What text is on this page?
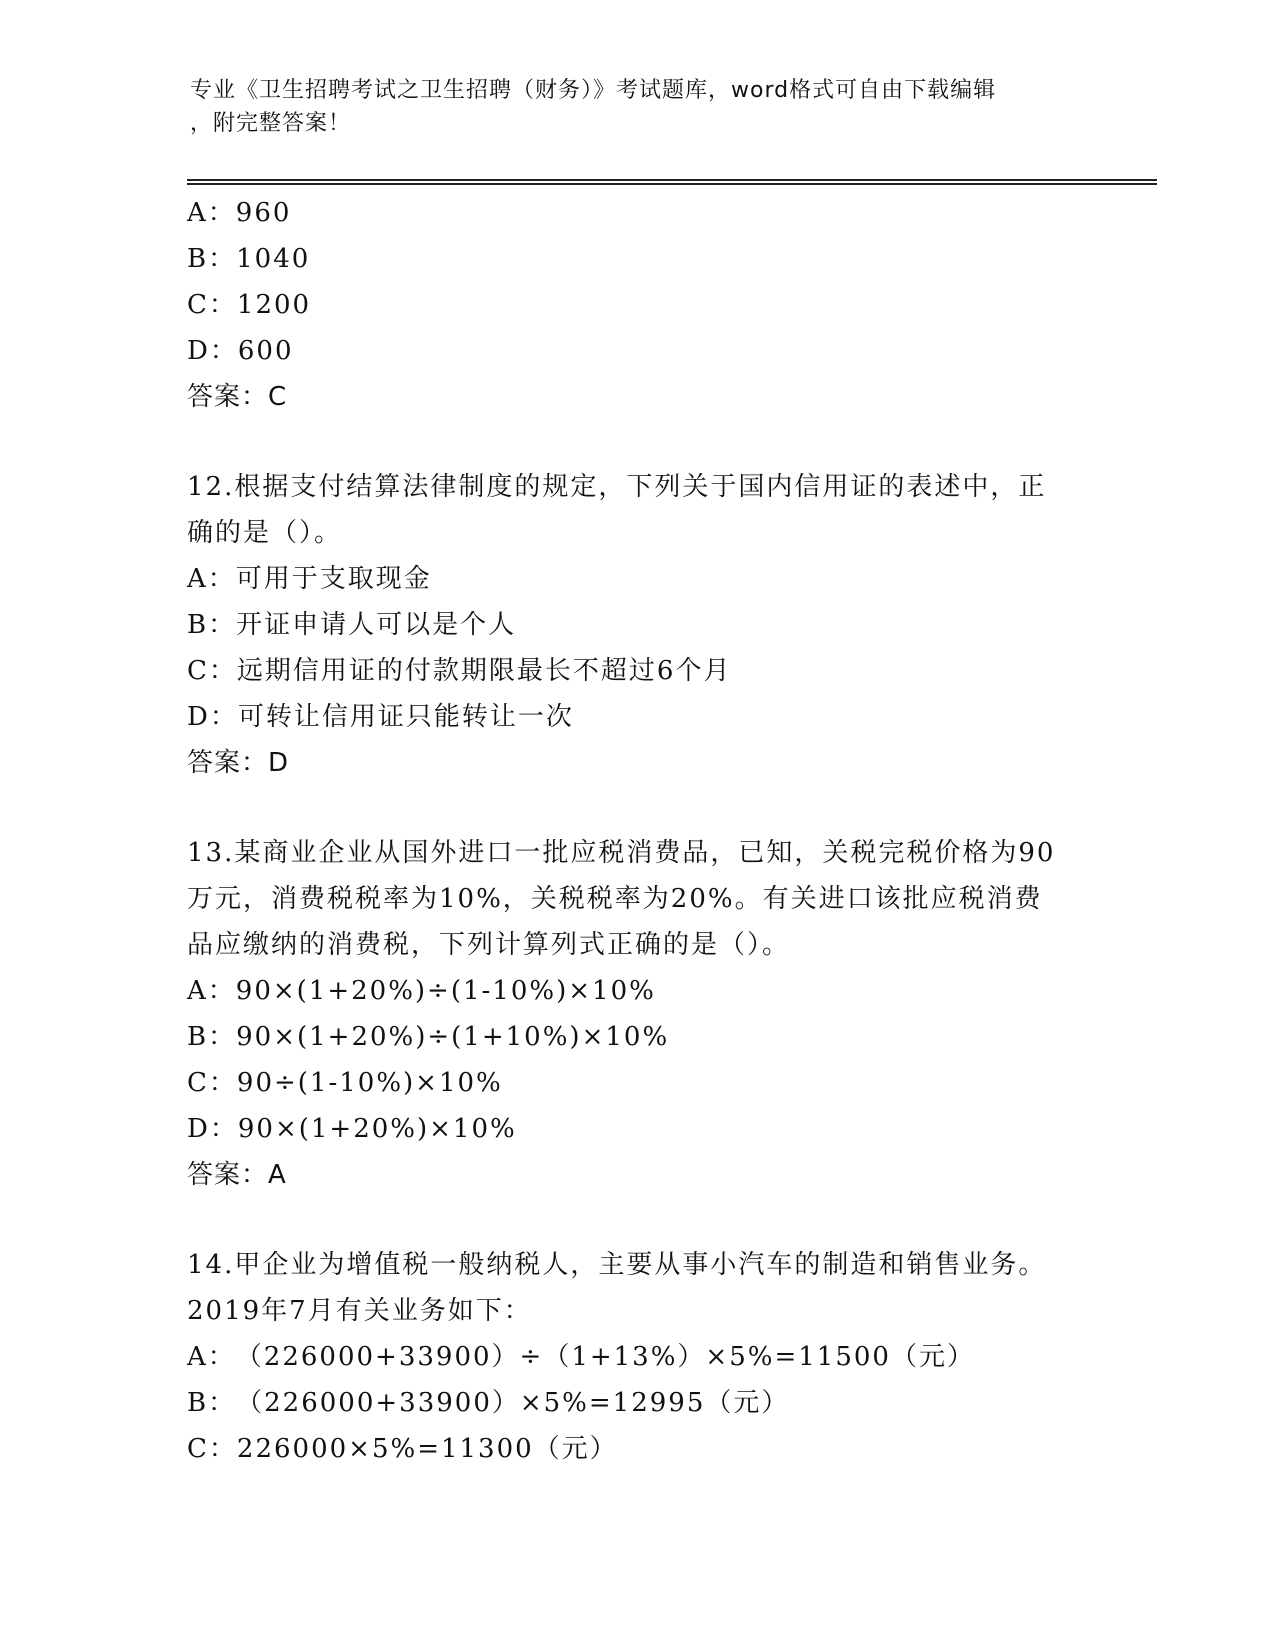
专业《卫生招聘考试之卫生招聘（财务）》考试题库，word格式可自由下载编辑
，附完整答案！
A：960
B：1040
C：1200
D：600
答案：C
12.根据支付结算法律制度的规定，下列关于国内信用证的表述中，正
确的是（）。
A：可用于支取现金
B：开证申请人可以是个人
C：远期信用证的付款期限最长不超过6个月
D：可转让信用证只能转让一次
答案：D
13.某商业企业从国外进口一批应税消费品，已知，关税完税价格为90
万元，消费税税率为10%，关税税率为20%。有关进口该批应税消费
品应缴纳的消费税，下列计算列式正确的是（）。
A：90×(1+20%)÷(1-10%)×10%
B：90×(1+20%)÷(1+10%)×10%
C：90÷(1-10%)×10%
D：90×(1+20%)×10%
答案：A
14.甲企业为增值税一般纳税人，主要从事小汽车的制造和销售业务。
2019年7月有关业务如下：
A：（226000+33900）÷（1+13%）×5%=11500（元）
B：（226000+33900）×5%=12995（元）
C：226000×5%=11300（元）
